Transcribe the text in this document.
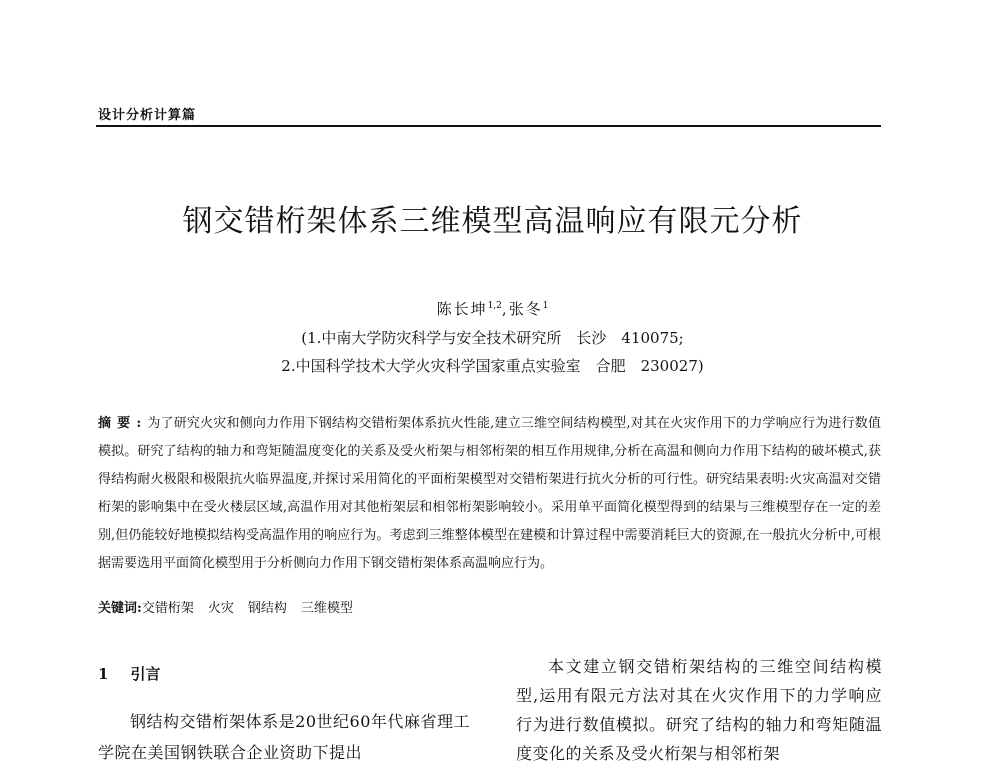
设计分析计算篇
钢交错桁架体系三维模型高温响应有限元分析
陈长坤$^{1,2}$,张冬$^1$
(1.中南大学防灾科学与安全技术研究所　长沙　410075;
2.中国科学技术大学火灾科学国家重点实验室　合肥　230027)
摘要:为了研究火灾和侧向力作用下钢结构交错桁架体系抗火性能,建立三维空间结构模型,对其在火灾作用下的力学响应行为进行数值模拟。研究了结构的轴力和弯矩随温度变化的关系及受火桁架与相邻桁架的相互作用规律,分析在高温和侧向力作用下结构的破坏模式,获得结构耐火极限和极限抗火临界温度,并探讨采用简化的平面桁架模型对交错桁架进行抗火分析的可行性。研究结果表明:火灾高温对交错桁架的影响集中在受火楼层区域,高温作用对其他桁架层和相邻桁架影响较小。采用单平面简化模型得到的结果与三维模型存在一定的差别,但仍能较好地模拟结构受高温作用的响应行为。考虑到三维整体模型在建模和计算过程中需要消耗巨大的资源,在一般抗火分析中,可根据需要选用平面简化模型用于分析侧向力作用下钢交错桁架体系高温响应行为。
关键词:交错桁架 火灾 钢结构 三维模型
1 引言
钢结构交错桁架体系是20世纪60年代麻省理工学院在美国钢铁联合企业资助下提出
本文建立钢交错桁架结构的三维空间结构模型,运用有限元方法对其在火灾作用下的力学响应行为进行数值模拟。研究了结构的轴力和弯矩随温度变化的关系及受火桁架与相邻桁架
